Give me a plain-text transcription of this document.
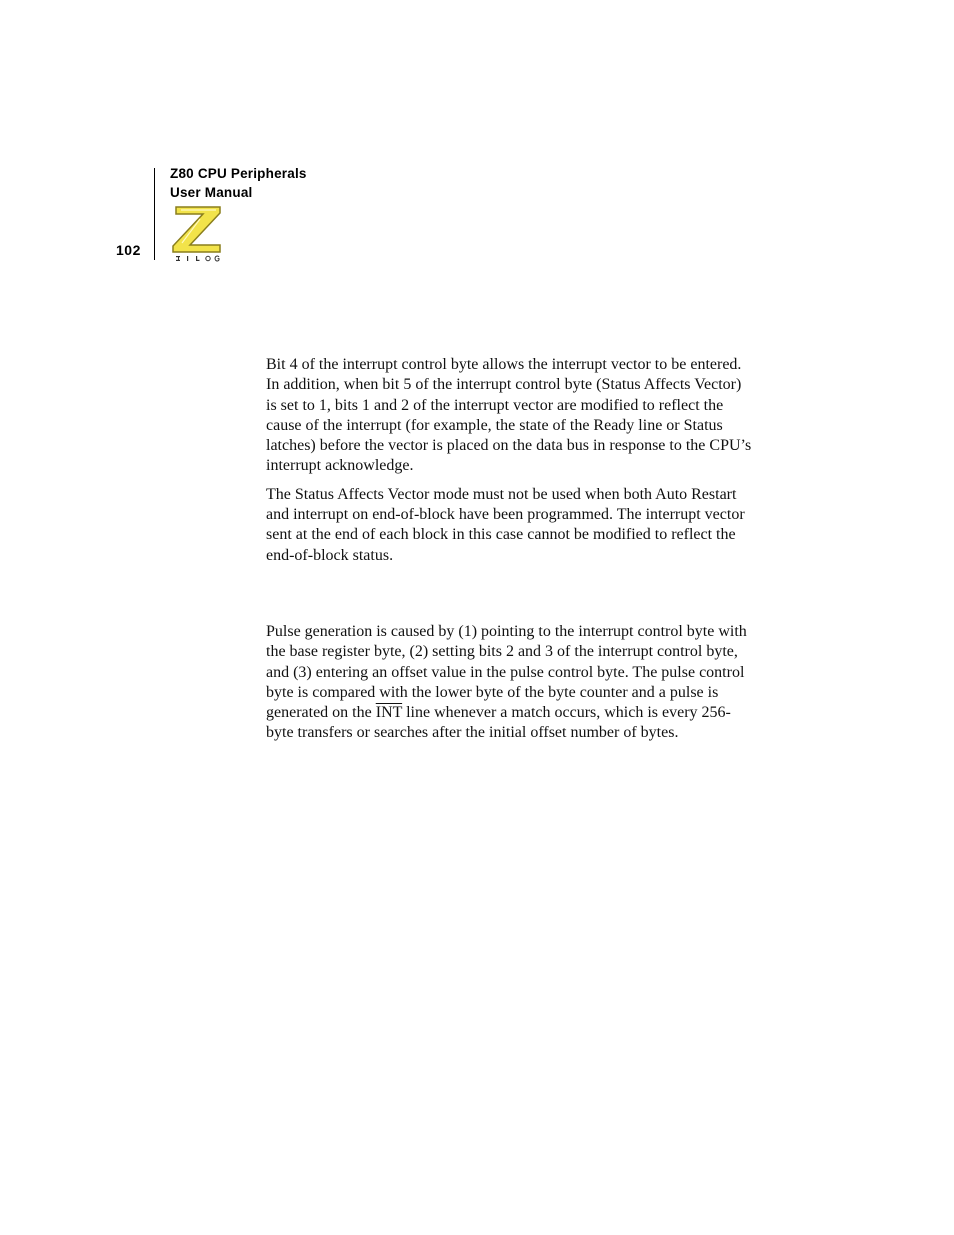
Z80 CPU Peripherals
User Manual
102

Bit 4 of the interrupt control byte allows the interrupt vector to be entered.
In addition, when bit 5 of the interrupt control byte (Status Affects Vector)
is set to 1, bits 1 and 2 of the interrupt vector are modified to reflect the
cause of the interrupt (for example, the state of the Ready line or Status
latches) before the vector is placed on the data bus in response to the CPU’s
interrupt acknowledge.

The Status Affects Vector mode must not be used when both Auto Restart
and interrupt on end-of-block have been programmed. The interrupt vector
sent at the end of each block in this case cannot be modified to reflect the
end-of-block status.

Pulse generation is caused by (1) pointing to the interrupt control byte with
the base register byte, (2) setting bits 2 and 3 of the interrupt control byte,
and (3) entering an offset value in the pulse control byte. The pulse control
byte is compared with the lower byte of the byte counter and a pulse is
generated on the $\overline{INT}$ line whenever a match occurs, which is every 256-
byte transfers or searches after the initial offset number of bytes.
